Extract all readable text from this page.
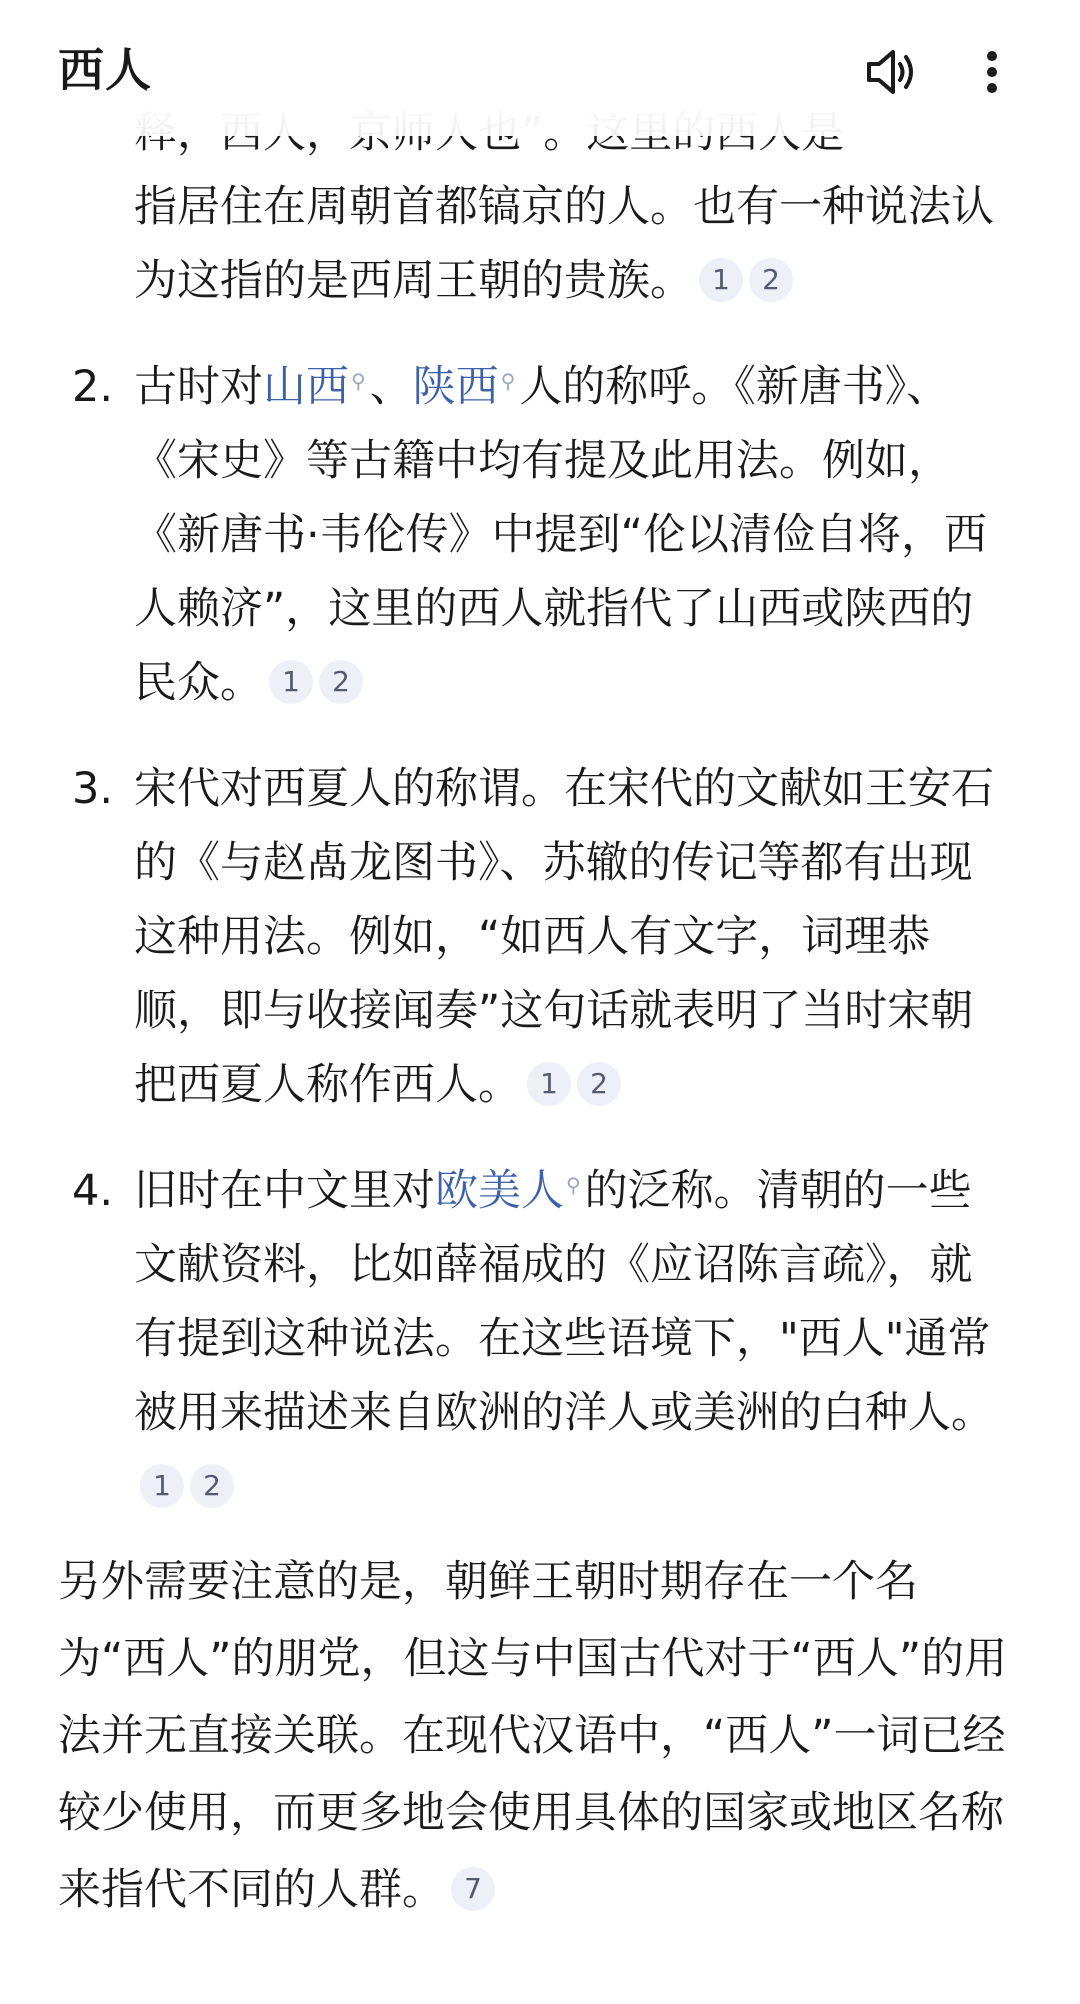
西人
指居住在周朝首都镐京的人。也有一种说法认为这指的是西周王朝的贵族。 1 2
2. 古时对山西 ⚲、陕西 ⚲人的称呼。《新唐书》、《宋史》等古籍中均有提及此用法。例如，《新唐书·韦伦传》中提到“伦以清俭自将，西人赖济”，这里的西人就指代了山西或陕西的民众。 1 2
3. 宋代对西夏人的称谓。在宋代的文献如王安石的《与赵卨龙图书》、苏辙的传记等都有出现这种用法。例如，“如西人有文字，词理恭顺，即与收接闻奏”这句话就表明了当时宋朝把西夏人称作西人。 1 2
4. 旧时在中文里对欧美人 ⚲的泛称。清朝的一些文献资料，比如薛福成的《应诏陈言疏》，就有提到这种说法。在这些语境下，"西人"通常被用来描述来自欧洲的洋人或美洲的白种人。1 2
另外需要注意的是，朝鲜王朝时期存在一个名为“西人”的朋党，但这与中国古代对于“西人”的用法并无直接关联。在现代汉语中，“西人”一词已经较少使用，而更多地会使用具体的国家或地区名称来指代不同的人群。 7
